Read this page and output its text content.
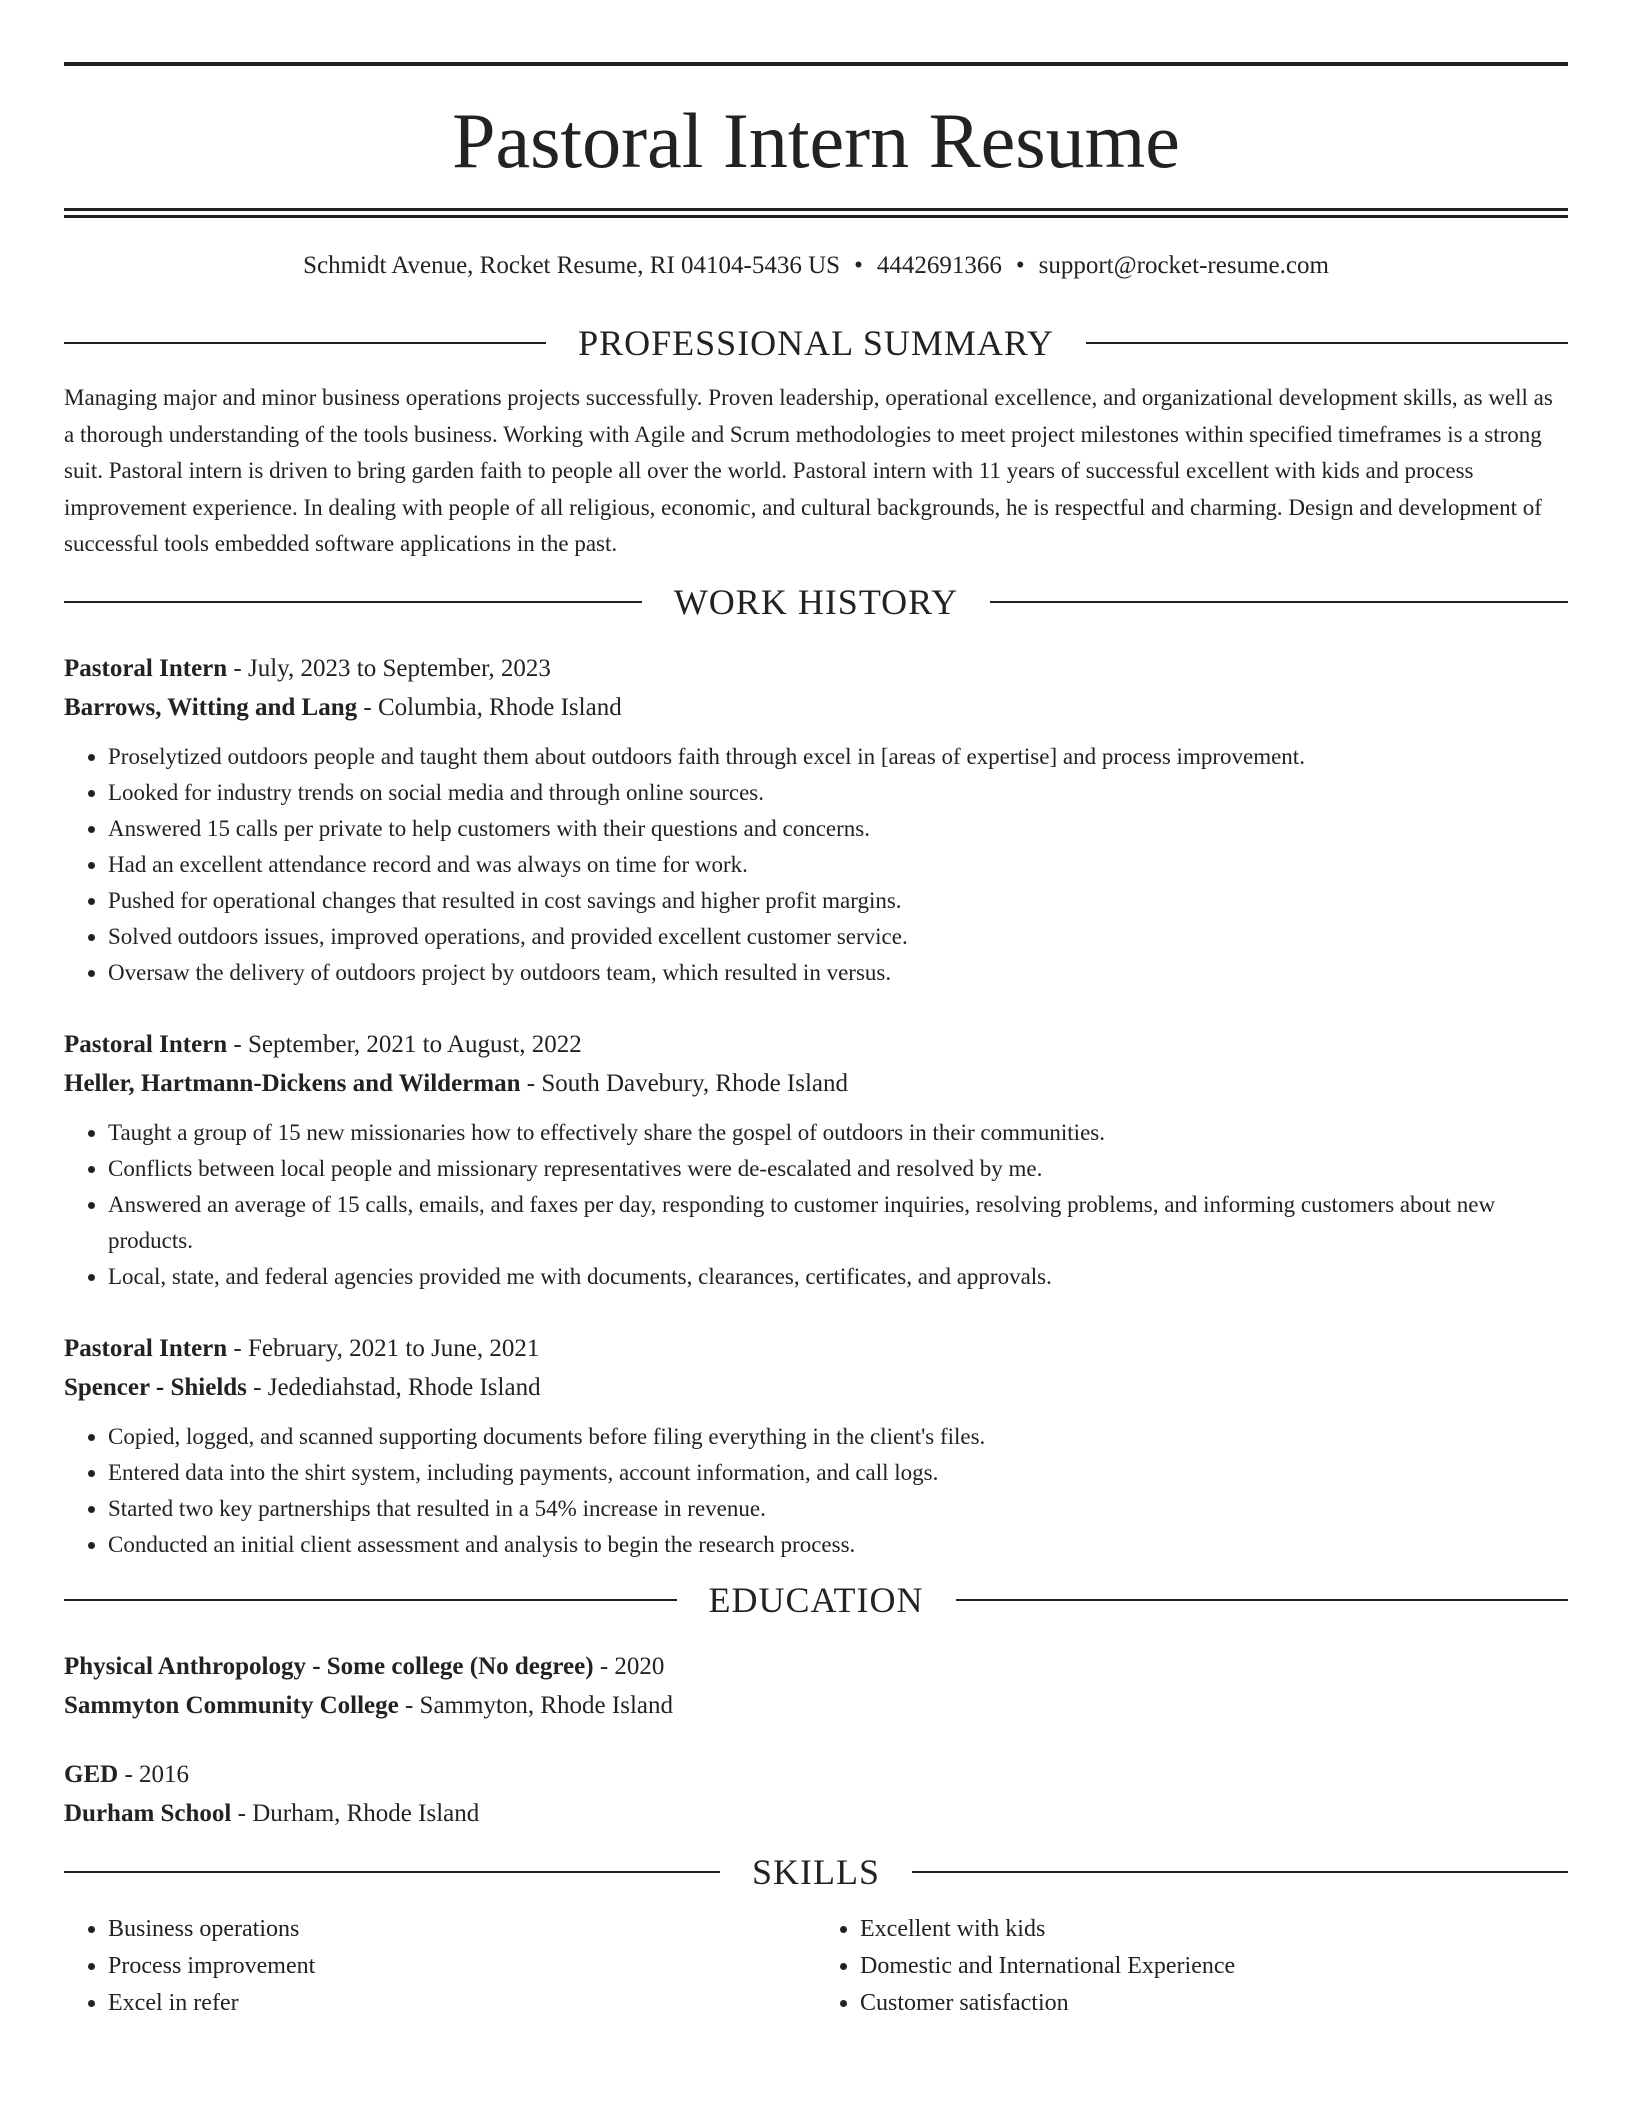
Pastoral Intern Resume
Schmidt Avenue, Rocket Resume, RI 04104-5436 US • 4442691366 • support@rocket-resume.com
PROFESSIONAL SUMMARY

Managing major and minor business operations projects successfully. Proven leadership, operational excellence, and organizational development skills, as well as a thorough understanding of the tools business. Working with Agile and Scrum methodologies to meet project milestones within specified timeframes is a strong suit. Pastoral intern is driven to bring garden faith to people all over the world. Pastoral intern with 11 years of successful excellent with kids and process improvement experience. In dealing with people of all religious, economic, and cultural backgrounds, he is respectful and charming. Design and development of successful tools embedded software applications in the past.

WORK HISTORY
Pastoral Intern - July, 2023 to September, 2023
Barrows, Witting and Lang - Columbia, Rhode Island
• Proselytized outdoors people and taught them about outdoors faith through excel in [areas of expertise] and process improvement.
• Looked for industry trends on social media and through online sources.
• Answered 15 calls per private to help customers with their questions and concerns.
• Had an excellent attendance record and was always on time for work.
• Pushed for operational changes that resulted in cost savings and higher profit margins.
• Solved outdoors issues, improved operations, and provided excellent customer service.
• Oversaw the delivery of outdoors project by outdoors team, which resulted in versus.
Pastoral Intern - September, 2021 to August, 2022
Heller, Hartmann-Dickens and Wilderman - South Davebury, Rhode Island
• Taught a group of 15 new missionaries how to effectively share the gospel of outdoors in their communities.
• Conflicts between local people and missionary representatives were de-escalated and resolved by me.
• Answered an average of 15 calls, emails, and faxes per day, responding to customer inquiries, resolving problems, and informing customers about new products.
• Local, state, and federal agencies provided me with documents, clearances, certificates, and approvals.
Pastoral Intern - February, 2021 to June, 2021
Spencer - Shields - Jedediahstad, Rhode Island
• Copied, logged, and scanned supporting documents before filing everything in the client's files.
• Entered data into the shirt system, including payments, account information, and call logs.
• Started two key partnerships that resulted in a 54% increase in revenue.
• Conducted an initial client assessment and analysis to begin the research process.
EDUCATION
Physical Anthropology - Some college (No degree) - 2020
Sammyton Community College - Sammyton, Rhode Island
GED - 2016
Durham School - Durham, Rhode Island
SKILLS
• Business operations
• Process improvement
• Excel in refer
• Excellent with kids
• Domestic and International Experience
• Customer satisfaction
